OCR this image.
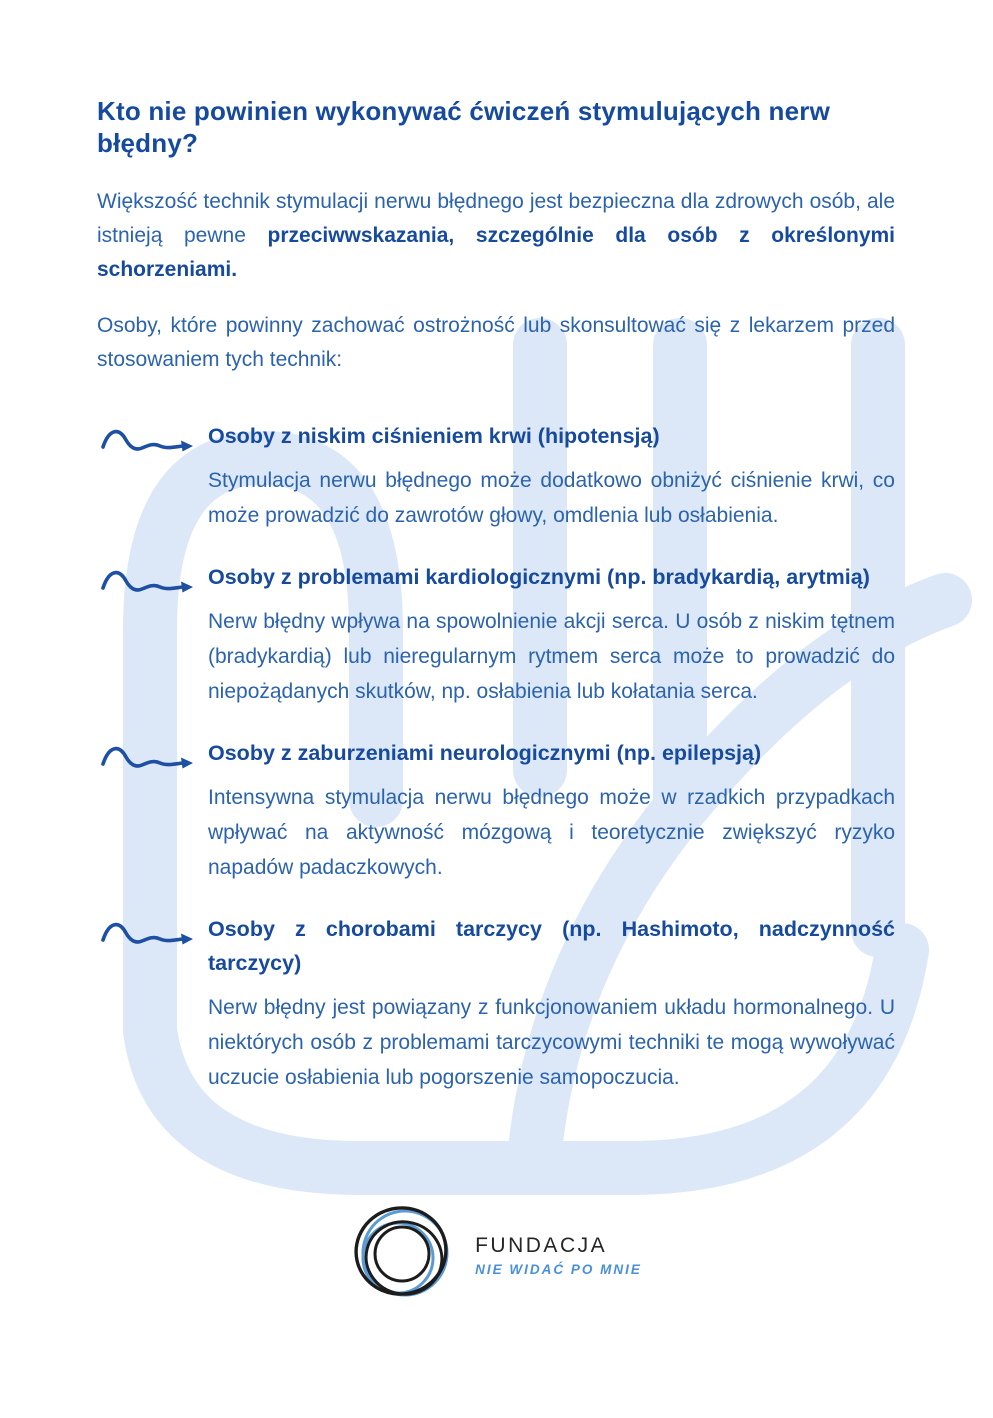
Kto nie powinien wykonywać ćwiczeń stymulujących nerw błędny?

Większość technik stymulacji nerwu błędnego jest bezpieczna dla zdrowych osób, ale istnieją pewne przeciwwskazania, szczególnie dla osób z określonymi schorzeniami.

Osoby, które powinny zachować ostrożność lub skonsultować się z lekarzem przed stosowaniem tych technik:

Osoby z niskim ciśnieniem krwi (hipotensją)

Stymulacja nerwu błędnego może dodatkowo obniżyć ciśnienie krwi, co może prowadzić do zawrotów głowy, omdlenia lub osłabienia.

Osoby z problemami kardiologicznymi (np. bradykardią, arytmią)

Nerw błędny wpływa na spowolnienie akcji serca. U osób z niskim tętnem (bradykardią) lub nieregularnym rytmem serca może to prowadzić do niepożądanych skutków, np. osłabienia lub kołatania serca.

Osoby z zaburzeniami neurologicznymi (np. epilepsją)

Intensywna stymulacja nerwu błędnego może w rzadkich przypadkach wpływać na aktywność mózgową i teoretycznie zwiększyć ryzyko napadów padaczkowych.

Osoby z chorobami tarczycy (np. Hashimoto, nadczynność tarczycy)

Nerw błędny jest powiązany z funkcjonowaniem układu hormonalnego. U niektórych osób z problemami tarczycowymi techniki te mogą wywoływać uczucie osłabienia lub pogorszenie samopoczucia.

FUNDACJA
NIE WIDAĆ PO MNIE
